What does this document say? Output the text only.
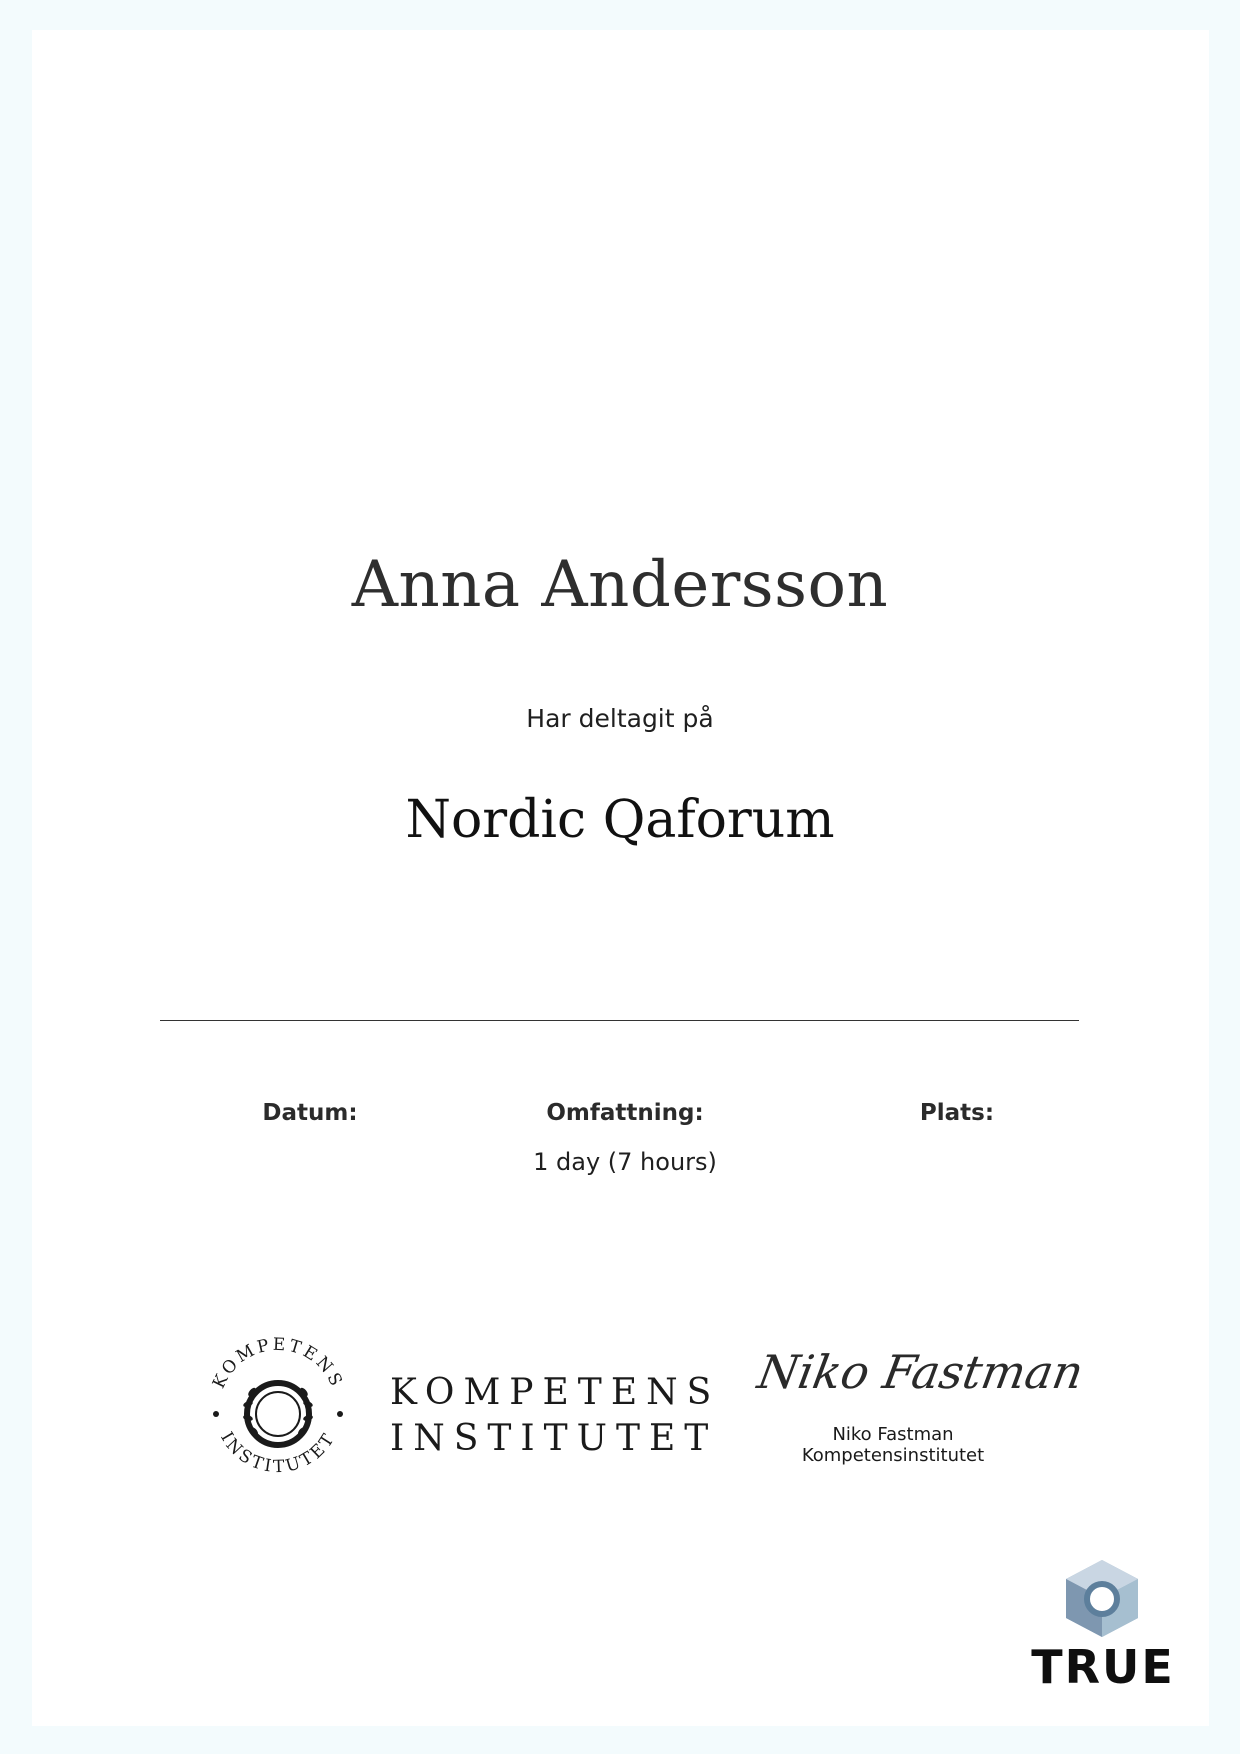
Anna Andersson
Har deltagit på
Nordic Qaforum
Datum:	Omfattning:	Plats:
1 day (7 hours)
KOMPETENS
INSTITUTET
KOMPETENS
INSTITUTET
Niko Fastman
Niko Fastman
Kompetensinstitutet
TRUE
